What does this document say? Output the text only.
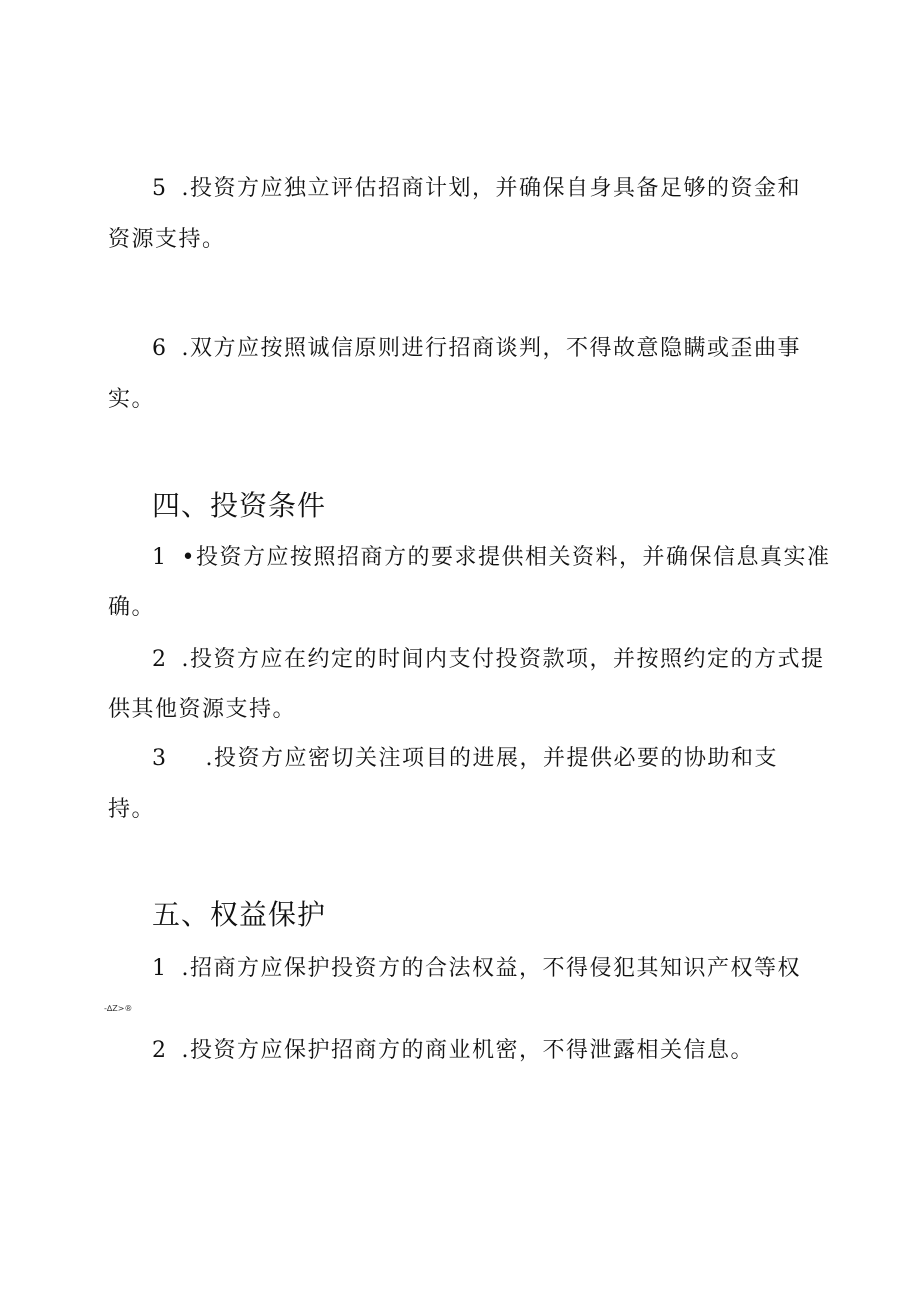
5 .投资方应独立评估招商计划，并确保自身具备足够的资金和
资源支持。
6 .双方应按照诚信原则进行招商谈判，不得故意隐瞒或歪曲事
实。
四、投资条件
1 •投资方应按照招商方的要求提供相关资料，并确保信息真实准
确。
2 .投资方应在约定的时间内支付投资款项，并按照约定的方式提
供其他资源支持。
3 .投资方应密切关注项目的进展，并提供必要的协助和支
持。
五、权益保护
1 .招商方应保护投资方的合法权益，不得侵犯其知识产权等权
-∆Z>®
2 .投资方应保护招商方的商业机密，不得泄露相关信息。
